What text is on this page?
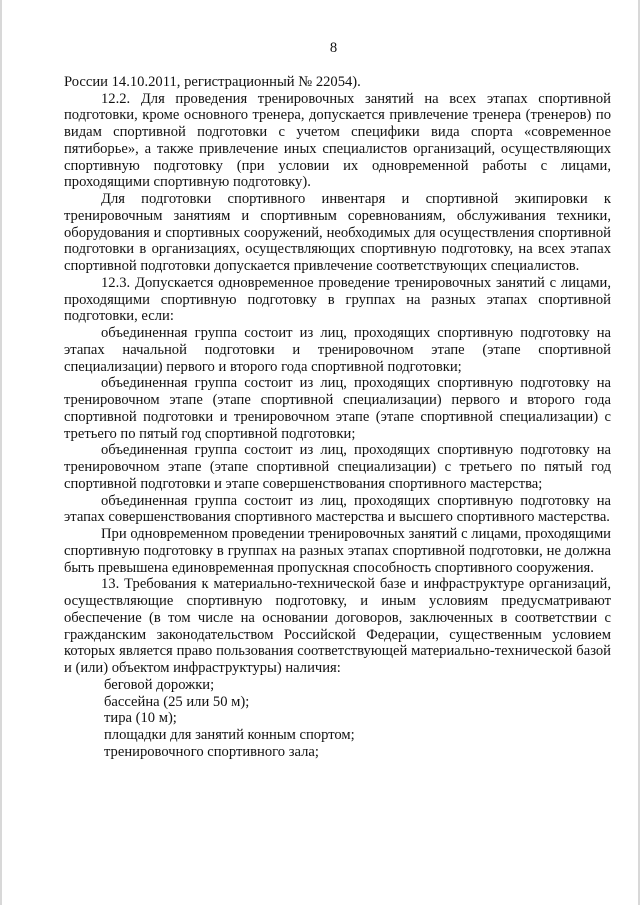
8

России 14.10.2011, регистрационный № 22054).

12.2. Для проведения тренировочных занятий на всех этапах спортивной подготовки, кроме основного тренера, допускается привлечение тренера (тренеров) по видам спортивной подготовки с учетом специфики вида спорта «современное пятиборье», а также привлечение иных специалистов организаций, осуществляющих спортивную подготовку (при условии их одновременной работы с лицами, проходящими спортивную подготовку).

Для подготовки спортивного инвентаря и спортивной экипировки к тренировочным занятиям и спортивным соревнованиям, обслуживания техники, оборудования и спортивных сооружений, необходимых для осуществления спортивной подготовки в организациях, осуществляющих спортивную подготовку, на всех этапах спортивной подготовки допускается привлечение соответствующих специалистов.

12.3. Допускается одновременное проведение тренировочных занятий с лицами, проходящими спортивную подготовку в группах на разных этапах спортивной подготовки, если:

объединенная группа состоит из лиц, проходящих спортивную подготовку на этапах начальной подготовки и тренировочном этапе (этапе спортивной специализации) первого и второго года спортивной подготовки;

объединенная группа состоит из лиц, проходящих спортивную подготовку на тренировочном этапе (этапе спортивной специализации) первого и второго года спортивной подготовки и тренировочном этапе (этапе спортивной специализации) с третьего по пятый год спортивной подготовки;

объединенная группа состоит из лиц, проходящих спортивную подготовку на тренировочном этапе (этапе спортивной специализации) с третьего по пятый год спортивной подготовки и этапе совершенствования спортивного мастерства;

объединенная группа состоит из лиц, проходящих спортивную подготовку на этапах совершенствования спортивного мастерства и высшего спортивного мастерства.

При одновременном проведении тренировочных занятий с лицами, проходящими спортивную подготовку в группах на разных этапах спортивной подготовки, не должна быть превышена единовременная пропускная способность спортивного сооружения.

13. Требования к материально-технической базе и инфраструктуре организаций, осуществляющие спортивную подготовку, и иным условиям предусматривают обеспечение (в том числе на основании договоров, заключенных в соответствии с гражданским законодательством Российской Федерации, существенным условием которых является право пользования соответствующей материально-технической базой и (или) объектом инфраструктуры) наличия:

беговой дорожки;

бассейна (25 или 50 м);

тира (10 м);

площадки для занятий конным спортом;

тренировочного спортивного зала;
